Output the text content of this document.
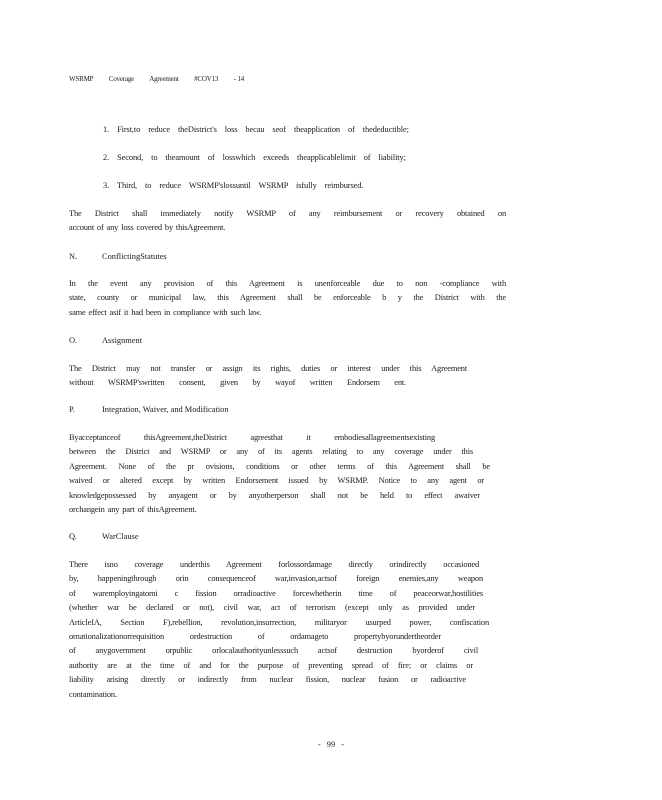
WSRMP Coverage Agreement #COV13 - 14
1. First,to reduce theDistrict's loss becau seof theapplication of thedeductible;
2. Second, to theamount of losswhich exceeds theapplicablelimit of liability;
3. Third, to reduce WSRMP'slossuntil WSRMP isfully reimbursed.
The District shall immediately notify WSRMP of any reimbursement or recovery obtained on
account of any loss covered by thisAgreement.
N.	ConflictingStatutes
In the event any provision of this Agreement is unenforceable due to non -compliance with
state, county or municipal law, this Agreement shall be enforceable b y the District with the
same effect asif it had been in compliance with such law.
O.	Assignment
The District may not transfer or assign its rights, duties or interest under this Agreement
without WSRMP'swritten consent, given by wayof written Endorsem ent.
P.	Integration, Waiver, and Modification
Byacceptanceof thisAgreement,theDistrict agreesthat it embodiesallagreementsexisting
between the District and WSRMP or any of its agents relating to any coverage under this
Agreement. None of the pr ovisions, conditions or other terms of this Agreement shall be
waived or altered except by written Endorsement issued by WSRMP. Notice to any agent or
knowledgepossessed by anyagent or by anyotherperson shall not be held to effect awaiver
orchangein any part of thisAgreement.
Q.	WarClause
There isno coverage underthis Agreement forlossordamage directly orindirectly occasioned
by, happeningthrough orin consequenceof war,invasion,actsof foreign enemies,any weapon
of waremployingatomi c fission orradioactive forcewhetherin time of peaceorwar,hostilities
(whether war be declared or not), civil war, act of terrorism (except only as provided under
ArticleIA, Section F),rebellion, revolution,insurrection, militaryor usurped power, confiscation
ornationalizationorrequisition ordestruction of ordamageto propertybyorundertheorder
of anygovernment orpublic orlocalauthorityunlesssuch actsof destruction byorderof civil
authority are at the time of and for the purpose of preventing spread of fire; or claims or
liability arising directly or indirectly from nuclear fission, nuclear fusion or radioactive
contamination.
- 99 -
